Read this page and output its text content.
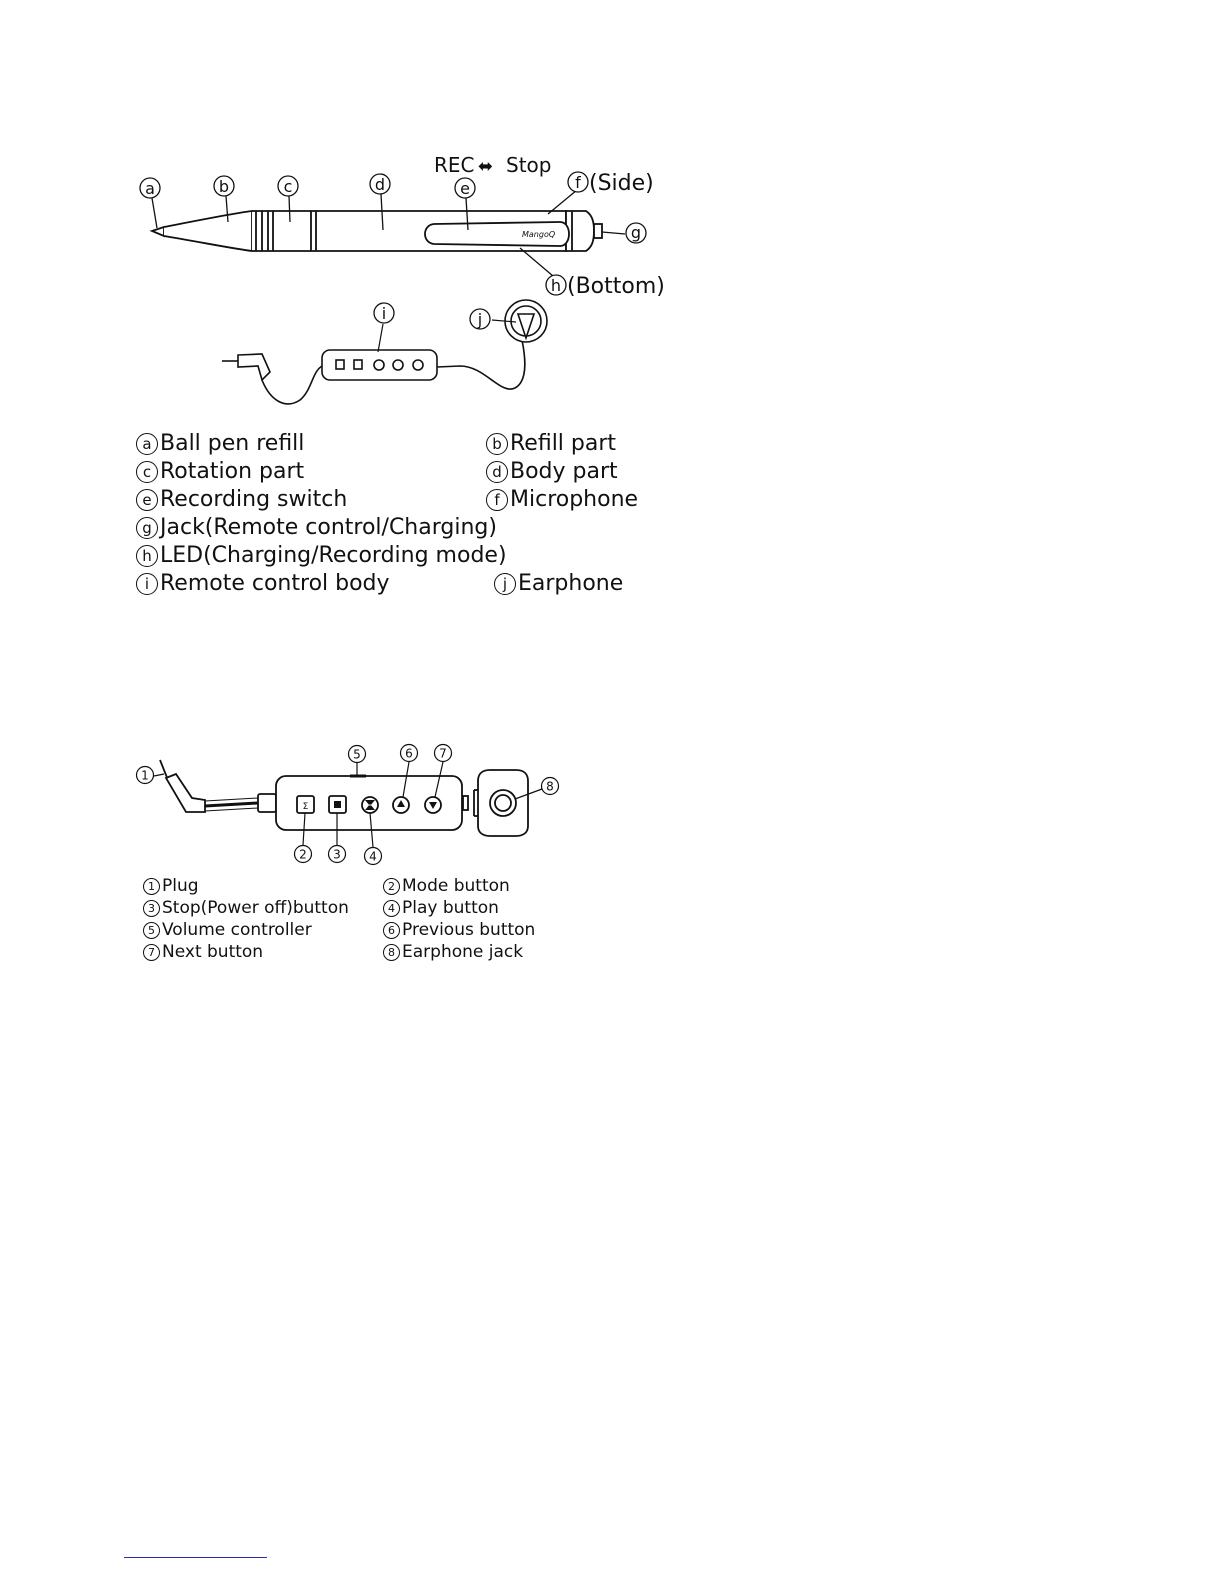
MangoQ
REC ⬌ Stop
a	b	c	d	e	f (Side)
g
h (Bottom)
i	j
Σ
1
2 3 4
5	6 7
8
a Ball pen refill	b Refill part
c Rotation part	d Body part
e Recording switch	f Microphone
g Jack(Remote control/Charging)
h LED(Charging/Recording mode)
i Remote control body	j Earphone
1 Plug	2 Mode button
3 Stop(Power off)button	4 Play button
5 Volume controller	6 Previous button
7 Next button	8 Earphone jack
